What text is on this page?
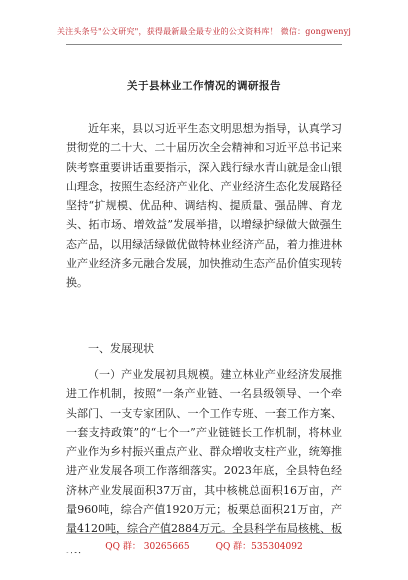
关注头条号"公文研究"，获得最新最全最专业的公文资料库！ 微信：gongwenyj
关于县林业工作情况的调研报告

近年来，县以习近平生态文明思想为指导，认真学习贯彻党的二十大、二十届历次全会精神和习近平总书记来陕考察重要讲话重要指示，深入践行绿水青山就是金山银山理念，按照生态经济产业化、产业经济生态化发展路径坚持“扩规模、优品种、调结构、提质量、强品牌、育龙头、拓市场、增效益”发展举措，以增绿护绿做大做强生态产品，以用绿活绿做优做特林业经济产品，着力推进林业产业经济多元融合发展，加快推动生态产品价值实现转换。

一、发展现状

（一）产业发展初具规模。建立林业产业经济发展推进工作机制，按照“一条产业链、一名县级领导、一个牵头部门、一支专家团队、一个工作专班、一套工作方案、一套支持政策”的“七个一”产业链链长工作机制，将林业产业作为乡村振兴重点产业、群众增收支柱产业，统筹推进产业发展各项工作落细落实。2023年底，全县特色经济林产业发展面积37万亩，其中核桃总面积16万亩，产量960吨，综合产值1920万元；板栗总面积21万亩，产量4120吨，综合产值2884万元。全县科学布局核桃、板

QQ 群： 30265665	QQ 群：535304092
